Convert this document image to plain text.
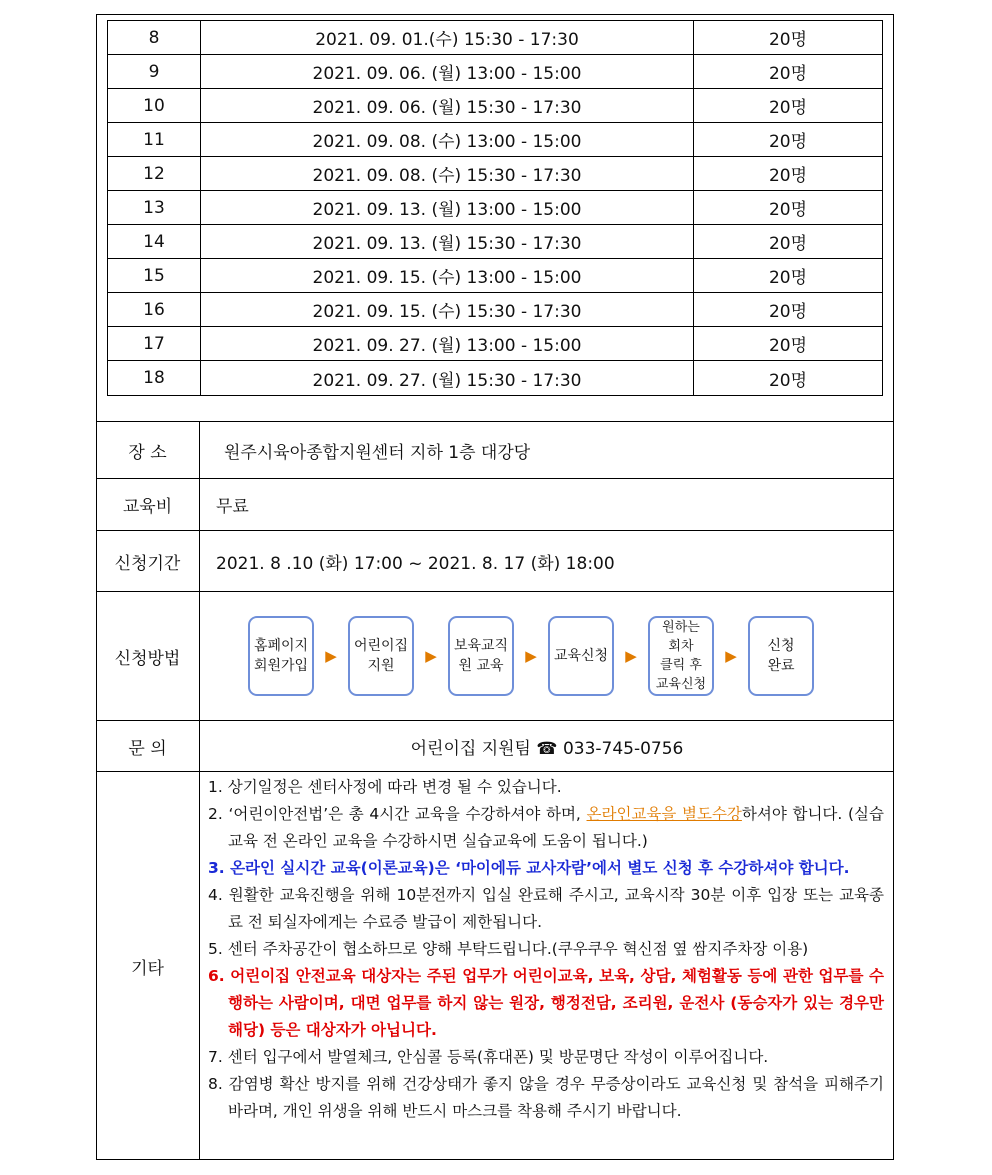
8	2021. 09. 01.(수) 15:30 - 17:30	20명
9	2021. 09. 06. (월) 13:00 - 15:00	20명
10	2021. 09. 06. (월) 15:30 - 17:30	20명
11	2021. 09. 08. (수) 13:00 - 15:00	20명
12	2021. 09. 08. (수) 15:30 - 17:30	20명
13	2021. 09. 13. (월) 13:00 - 15:00	20명
14	2021. 09. 13. (월) 15:30 - 17:30	20명
15	2021. 09. 15. (수) 13:00 - 15:00	20명
16	2021. 09. 15. (수) 15:30 - 17:30	20명
17	2021. 09. 27. (월) 13:00 - 15:00	20명
18	2021. 09. 27. (월) 15:30 - 17:30	20명
장 소	원주시육아종합지원센터 지하 1층 대강당
교육비	무료
신청기간	2021. 8 .10 (화) 17:00 ~ 2021. 8. 17 (화) 18:00
신청방법
홈페이지
회원가입
▶
어린이집
지원
▶
보육교직
원 교육
▶	교육신청	▶
원하는
회차
클릭 후
교육신청
▶
신청
완료
문 의	어린이집 지원팀 ☎ 033-745-0756
기타
1. 상기일정은 센터사정에 따라 변경 될 수 있습니다.
2. ‘어린이안전법’은 총 4시간 교육을 수강하셔야 하며, 온라인교육을 별도수강하셔야 합니다. (실습교육 전 온라인 교육을 수강하시면 실습교육에 도움이 됩니다.)
3. 온라인 실시간 교육(이론교육)은 ‘마이에듀 교사자람’에서 별도 신청 후 수강하셔야 합니다.
4. 원활한 교육진행을 위해 10분전까지 입실 완료해 주시고, 교육시작 30분 이후 입장 또는 교육종료 전 퇴실자에게는 수료증 발급이 제한됩니다.
5. 센터 주차공간이 협소하므로 양해 부탁드립니다.(쿠우쿠우 혁신점 옆 쌈지주차장 이용)
6. 어린이집 안전교육 대상자는 주된 업무가 어린이교육, 보육, 상담, 체험활동 등에 관한 업무를 수행하는 사람이며, 대면 업무를 하지 않는 원장, 행정전담, 조리원, 운전사 (동승자가 있는 경우만 해당) 등은 대상자가 아닙니다.
7. 센터 입구에서 발열체크, 안심콜 등록(휴대폰) 및 방문명단 작성이 이루어집니다.
8. 감염병 확산 방지를 위해 건강상태가 좋지 않을 경우 무증상이라도 교육신청 및 참석을 피해주기 바라며, 개인 위생을 위해 반드시 마스크를 착용해 주시기 바랍니다.
